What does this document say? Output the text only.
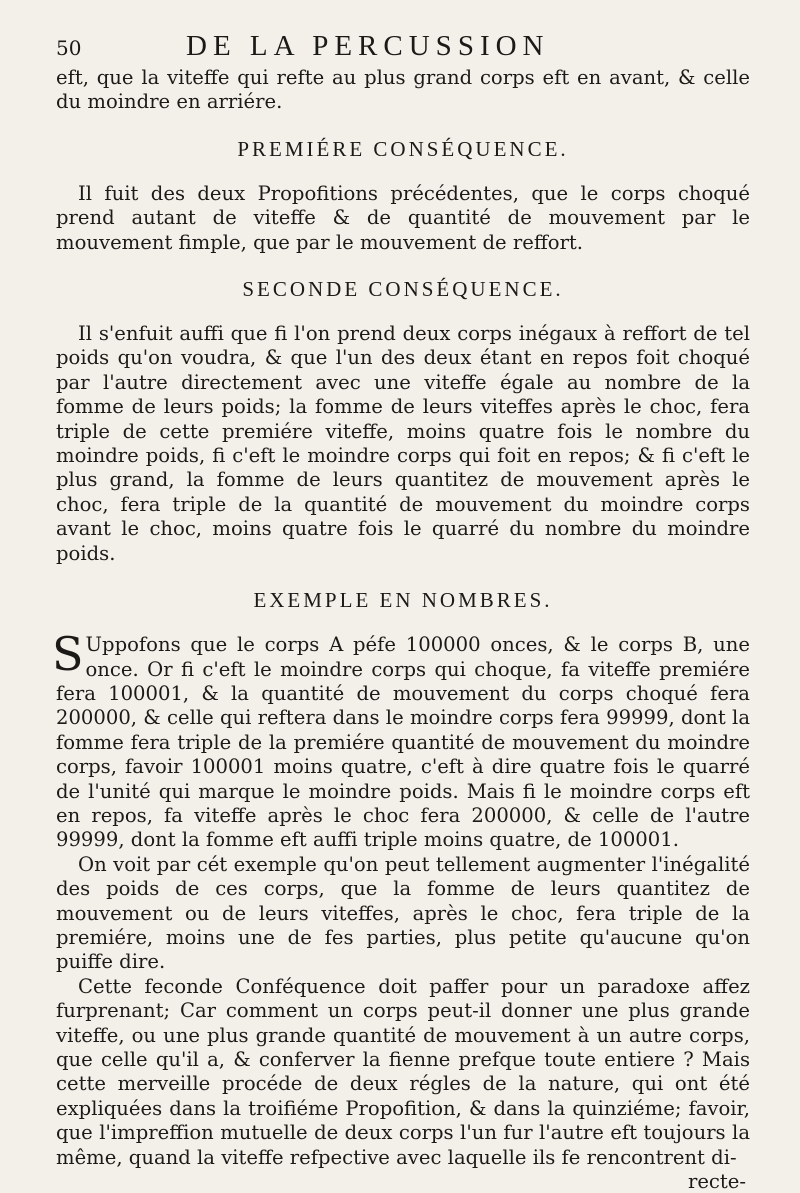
50	DE LA PERCUSSION

eft, que la viteffe qui refte au plus grand corps eft en avant, & celle du moindre en arriére.

PREMIÉRE CONSÉQUENCE.

Il fuit des deux Propofitions précédentes, que le corps choqué prend autant de viteffe & de quantité de mouvement par le mouvement fimple, que par le mouvement de reffort.

SECONDE CONSÉQUENCE.

Il s'enfuit auffi que fi l'on prend deux corps inégaux à reffort de tel poids qu'on voudra, & que l'un des deux étant en repos foit choqué par l'autre directement avec une viteffe égale au nombre de la fomme de leurs poids; la fomme de leurs viteffes après le choc, fera triple de cette premiére viteffe, moins quatre fois le nombre du moindre poids, fi c'eft le moindre corps qui foit en repos; & fi c'eft le plus grand, la fomme de leurs quantitez de mouvement après le choc, fera triple de la quantité de mouvement du moindre corps avant le choc, moins quatre fois le quarré du nombre du moindre poids.

EXEMPLE EN NOMBRES.

SUppofons que le corps A péfe 100000 onces, & le corps B, une once. Or fi c'eft le moindre corps qui choque, fa viteffe premiére fera 100001, & la quantité de mouvement du corps choqué fera 200000, & celle qui reftera dans le moindre corps fera 99999, dont la fomme fera triple de la premiére quantité de mouvement du moindre corps, favoir 100001 moins quatre, c'eft à dire quatre fois le quarré de l'unité qui marque le moindre poids. Mais fi le moindre corps eft en repos, fa viteffe après le choc fera 200000, & celle de l'autre 99999, dont la fomme eft auffi triple moins quatre, de 100001.

On voit par cét exemple qu'on peut tellement augmenter l'inégalité des poids de ces corps, que la fomme de leurs quantitez de mouvement ou de leurs viteffes, après le choc, fera triple de la premiére, moins une de fes parties, plus petite qu'aucune qu'on puiffe dire.

Cette feconde Conféquence doit paffer pour un paradoxe affez furprenant; Car comment un corps peut-il donner une plus grande viteffe, ou une plus grande quantité de mouvement à un autre corps, que celle qu'il a, & conferver la fienne prefque toute entiere ? Mais cette merveille procéde de deux régles de la nature, qui ont été expliquées dans la troifiéme Propofition, & dans la quinziéme; favoir, que l'impreffion mutuelle de deux corps l'un fur l'autre eft toujours la même, quand la viteffe refpective avec laquelle ils fe rencontrent di-

recte-
